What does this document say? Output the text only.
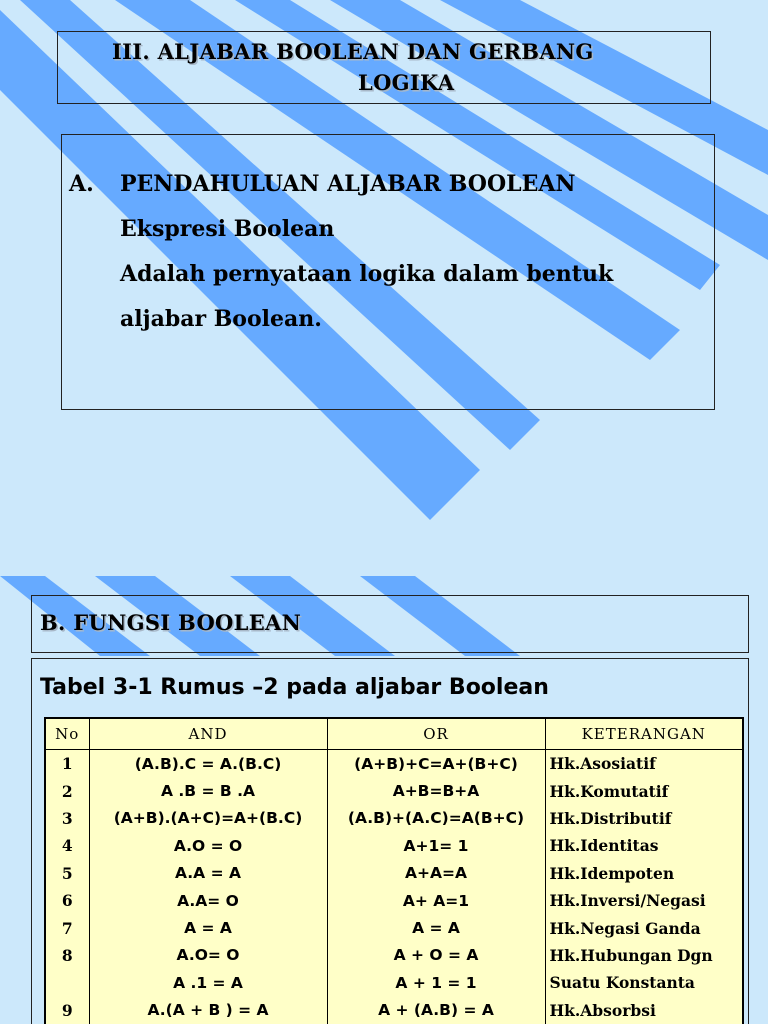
III. ALJABAR BOOLEAN DAN GERBANG
LOGIKA
A. PENDAHULUAN ALJABAR BOOLEAN
Ekspresi Boolean
Adalah pernyataan logika dalam bentuk
aljabar Boolean.
B. FUNGSI BOOLEAN
Tabel 3-1 Rumus –2 pada aljabar Boolean
No	AND	OR	KETERANGAN
1	(A.B).C = A.(B.C)	(A+B)+C=A+(B+C)	Hk.Asosiatif
2	A .B = B .A	A+B=B+A	Hk.Komutatif
3	(A+B).(A+C)=A+(B.C)	(A.B)+(A.C)=A(B+C)	Hk.Distributif
4	A.O = O	A+1= 1	Hk.Identitas
5	A.A = A	A+A=A	Hk.Idempoten
6	A.A= O	A+ A=1	Hk.Inversi/Negasi
7	A = A	A = A	Hk.Negasi Ganda
8	A.O= O	A + O = A	Hk.Hubungan Dgn
	A .1 = A	A + 1 = 1	Suatu Konstanta
9	A.(A + B ) = A	A + (A.B) = A	Hk.Absorbsi
